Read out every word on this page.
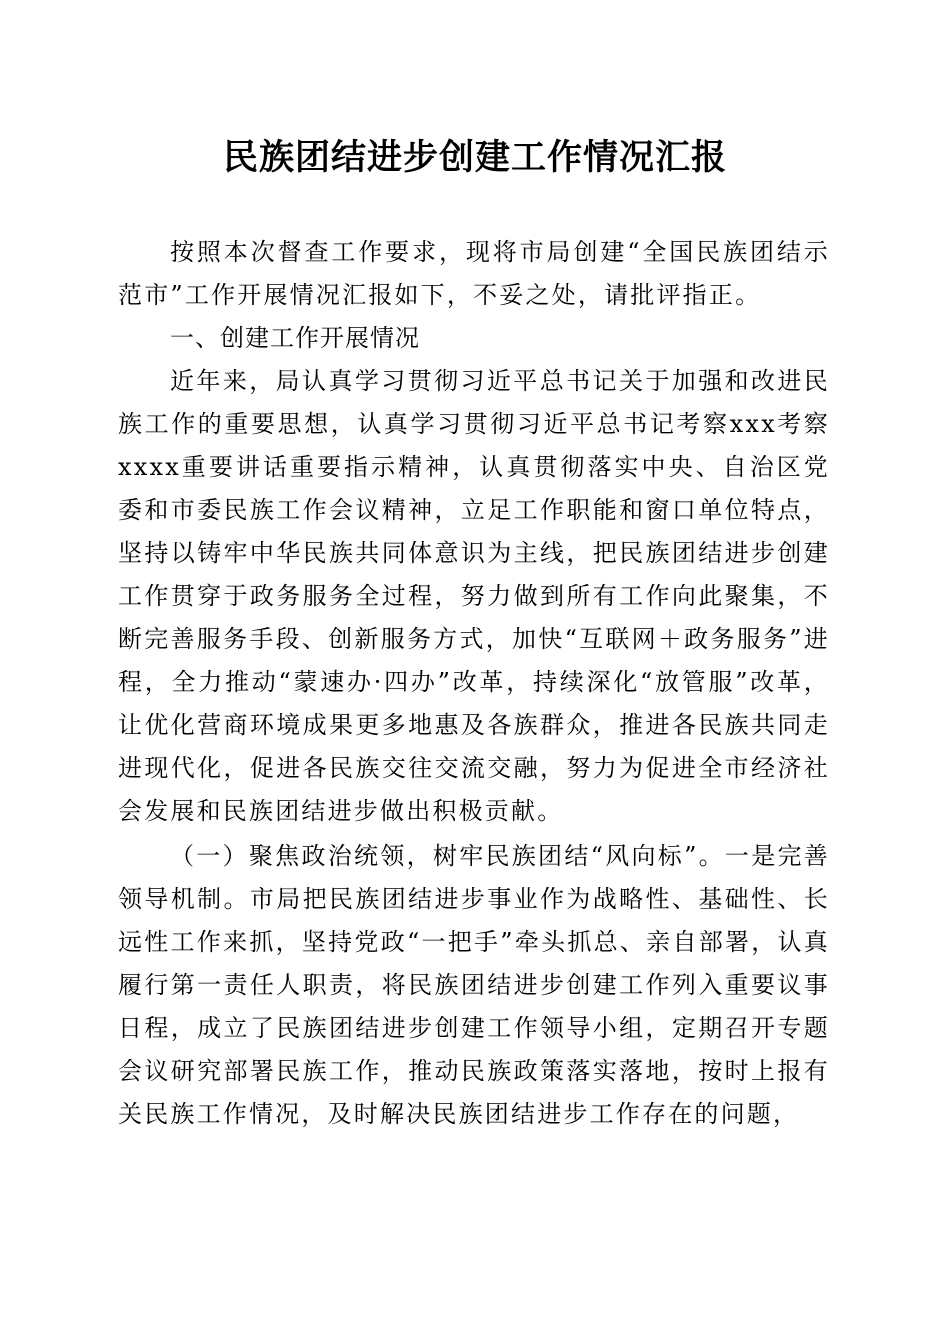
民族团结进步创建工作情况汇报

按照本次督查工作要求，现将市局创建“全国民族团结示范市”工作开展情况汇报如下，不妥之处，请批评指正。

一、创建工作开展情况

近年来，局认真学习贯彻习近平总书记关于加强和改进民族工作的重要思想，认真学习贯彻习近平总书记考察xxx考察xxxx重要讲话重要指示精神，认真贯彻落实中央、自治区党委和市委民族工作会议精神，立足工作职能和窗口单位特点，坚持以铸牢中华民族共同体意识为主线，把民族团结进步创建工作贯穿于政务服务全过程，努力做到所有工作向此聚集，不断完善服务手段、创新服务方式，加快“互联网＋政务服务”进程，全力推动“蒙速办·四办”改革，持续深化“放管服”改革，让优化营商环境成果更多地惠及各族群众，推进各民族共同走进现代化，促进各民族交往交流交融，努力为促进全市经济社会发展和民族团结进步做出积极贡献。

（一）聚焦政治统领，树牢民族团结“风向标”。一是完善领导机制。市局把民族团结进步事业作为战略性、基础性、长远性工作来抓，坚持党政“一把手”牵头抓总、亲自部署，认真履行第一责任人职责，将民族团结进步创建工作列入重要议事日程，成立了民族团结进步创建工作领导小组，定期召开专题会议研究部署民族工作，推动民族政策落实落地，按时上报有关民族工作情况，及时解决民族团结进步工作存在的问题，
